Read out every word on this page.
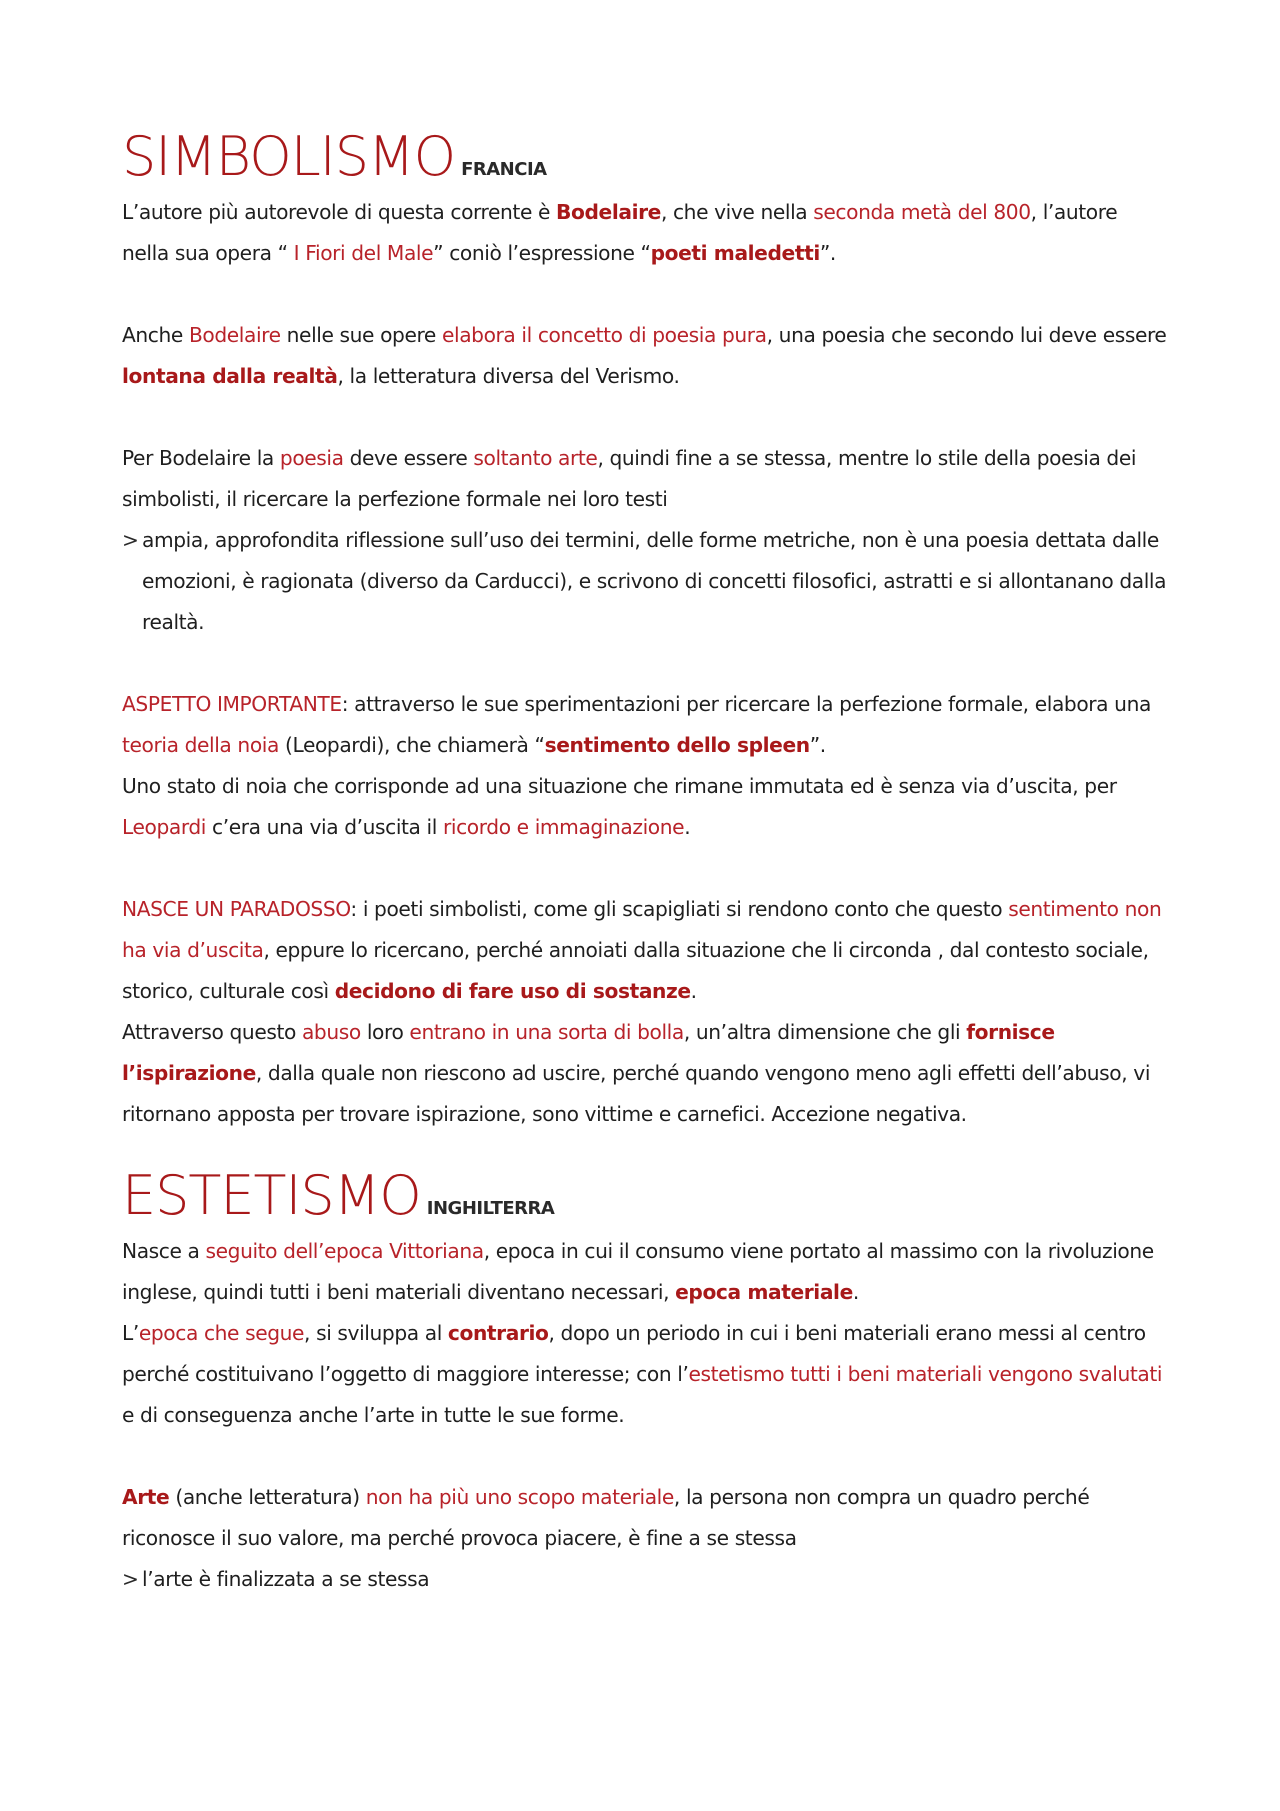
SIMBOLISMO FRANCIA

L’autore più autorevole di questa corrente è Bodelaire, che vive nella seconda metà del 800, l’autore nella sua opera “ I Fiori del Male” coniò l’espressione “poeti maledetti”.

Anche Bodelaire nelle sue opere elabora il concetto di poesia pura, una poesia che secondo lui deve essere lontana dalla realtà, la letteratura diversa del Verismo.

Per Bodelaire la poesia deve essere soltanto arte, quindi fine a se stessa, mentre lo stile della poesia dei simbolisti, il ricercare la perfezione formale nei loro testi

> ampia, approfondita riflessione sull’uso dei termini, delle forme metriche, non è una poesia dettata dalle emozioni, è ragionata (diverso da Carducci), e scrivono di concetti filosofici, astratti e si allontanano dalla realtà.

ASPETTO IMPORTANTE: attraverso le sue sperimentazioni per ricercare la perfezione formale, elabora una teoria della noia (Leopardi), che chiamerà “sentimento dello spleen”.
Uno stato di noia che corrisponde ad una situazione che rimane immutata ed è senza via d’uscita, per Leopardi c’era una via d’uscita il ricordo e immaginazione.

NASCE UN PARADOSSO: i poeti simbolisti, come gli scapigliati si rendono conto che questo sentimento non ha via d’uscita, eppure lo ricercano, perché annoiati dalla situazione che li circonda , dal contesto sociale, storico, culturale così decidono di fare uso di sostanze.
Attraverso questo abuso loro entrano in una sorta di bolla, un’altra dimensione che gli fornisce l’ispirazione, dalla quale non riescono ad uscire, perché quando vengono meno agli effetti dell’abuso, vi ritornano apposta per trovare ispirazione, sono vittime e carnefici. Accezione negativa.

ESTETISMO INGHILTERRA

Nasce a seguito dell’epoca Vittoriana, epoca in cui il consumo viene portato al massimo con la rivoluzione inglese, quindi tutti i beni materiali diventano necessari, epoca materiale.
L’epoca che segue, si sviluppa al contrario, dopo un periodo in cui i beni materiali erano messi al centro perché costituivano l’oggetto di maggiore interesse; con l’estetismo tutti i beni materiali vengono svalutati e di conseguenza anche l’arte in tutte le sue forme.

Arte (anche letteratura) non ha più uno scopo materiale, la persona non compra un quadro perché riconosce il suo valore, ma perché provoca piacere, è fine a se stessa

> l’arte è finalizzata a se stessa
